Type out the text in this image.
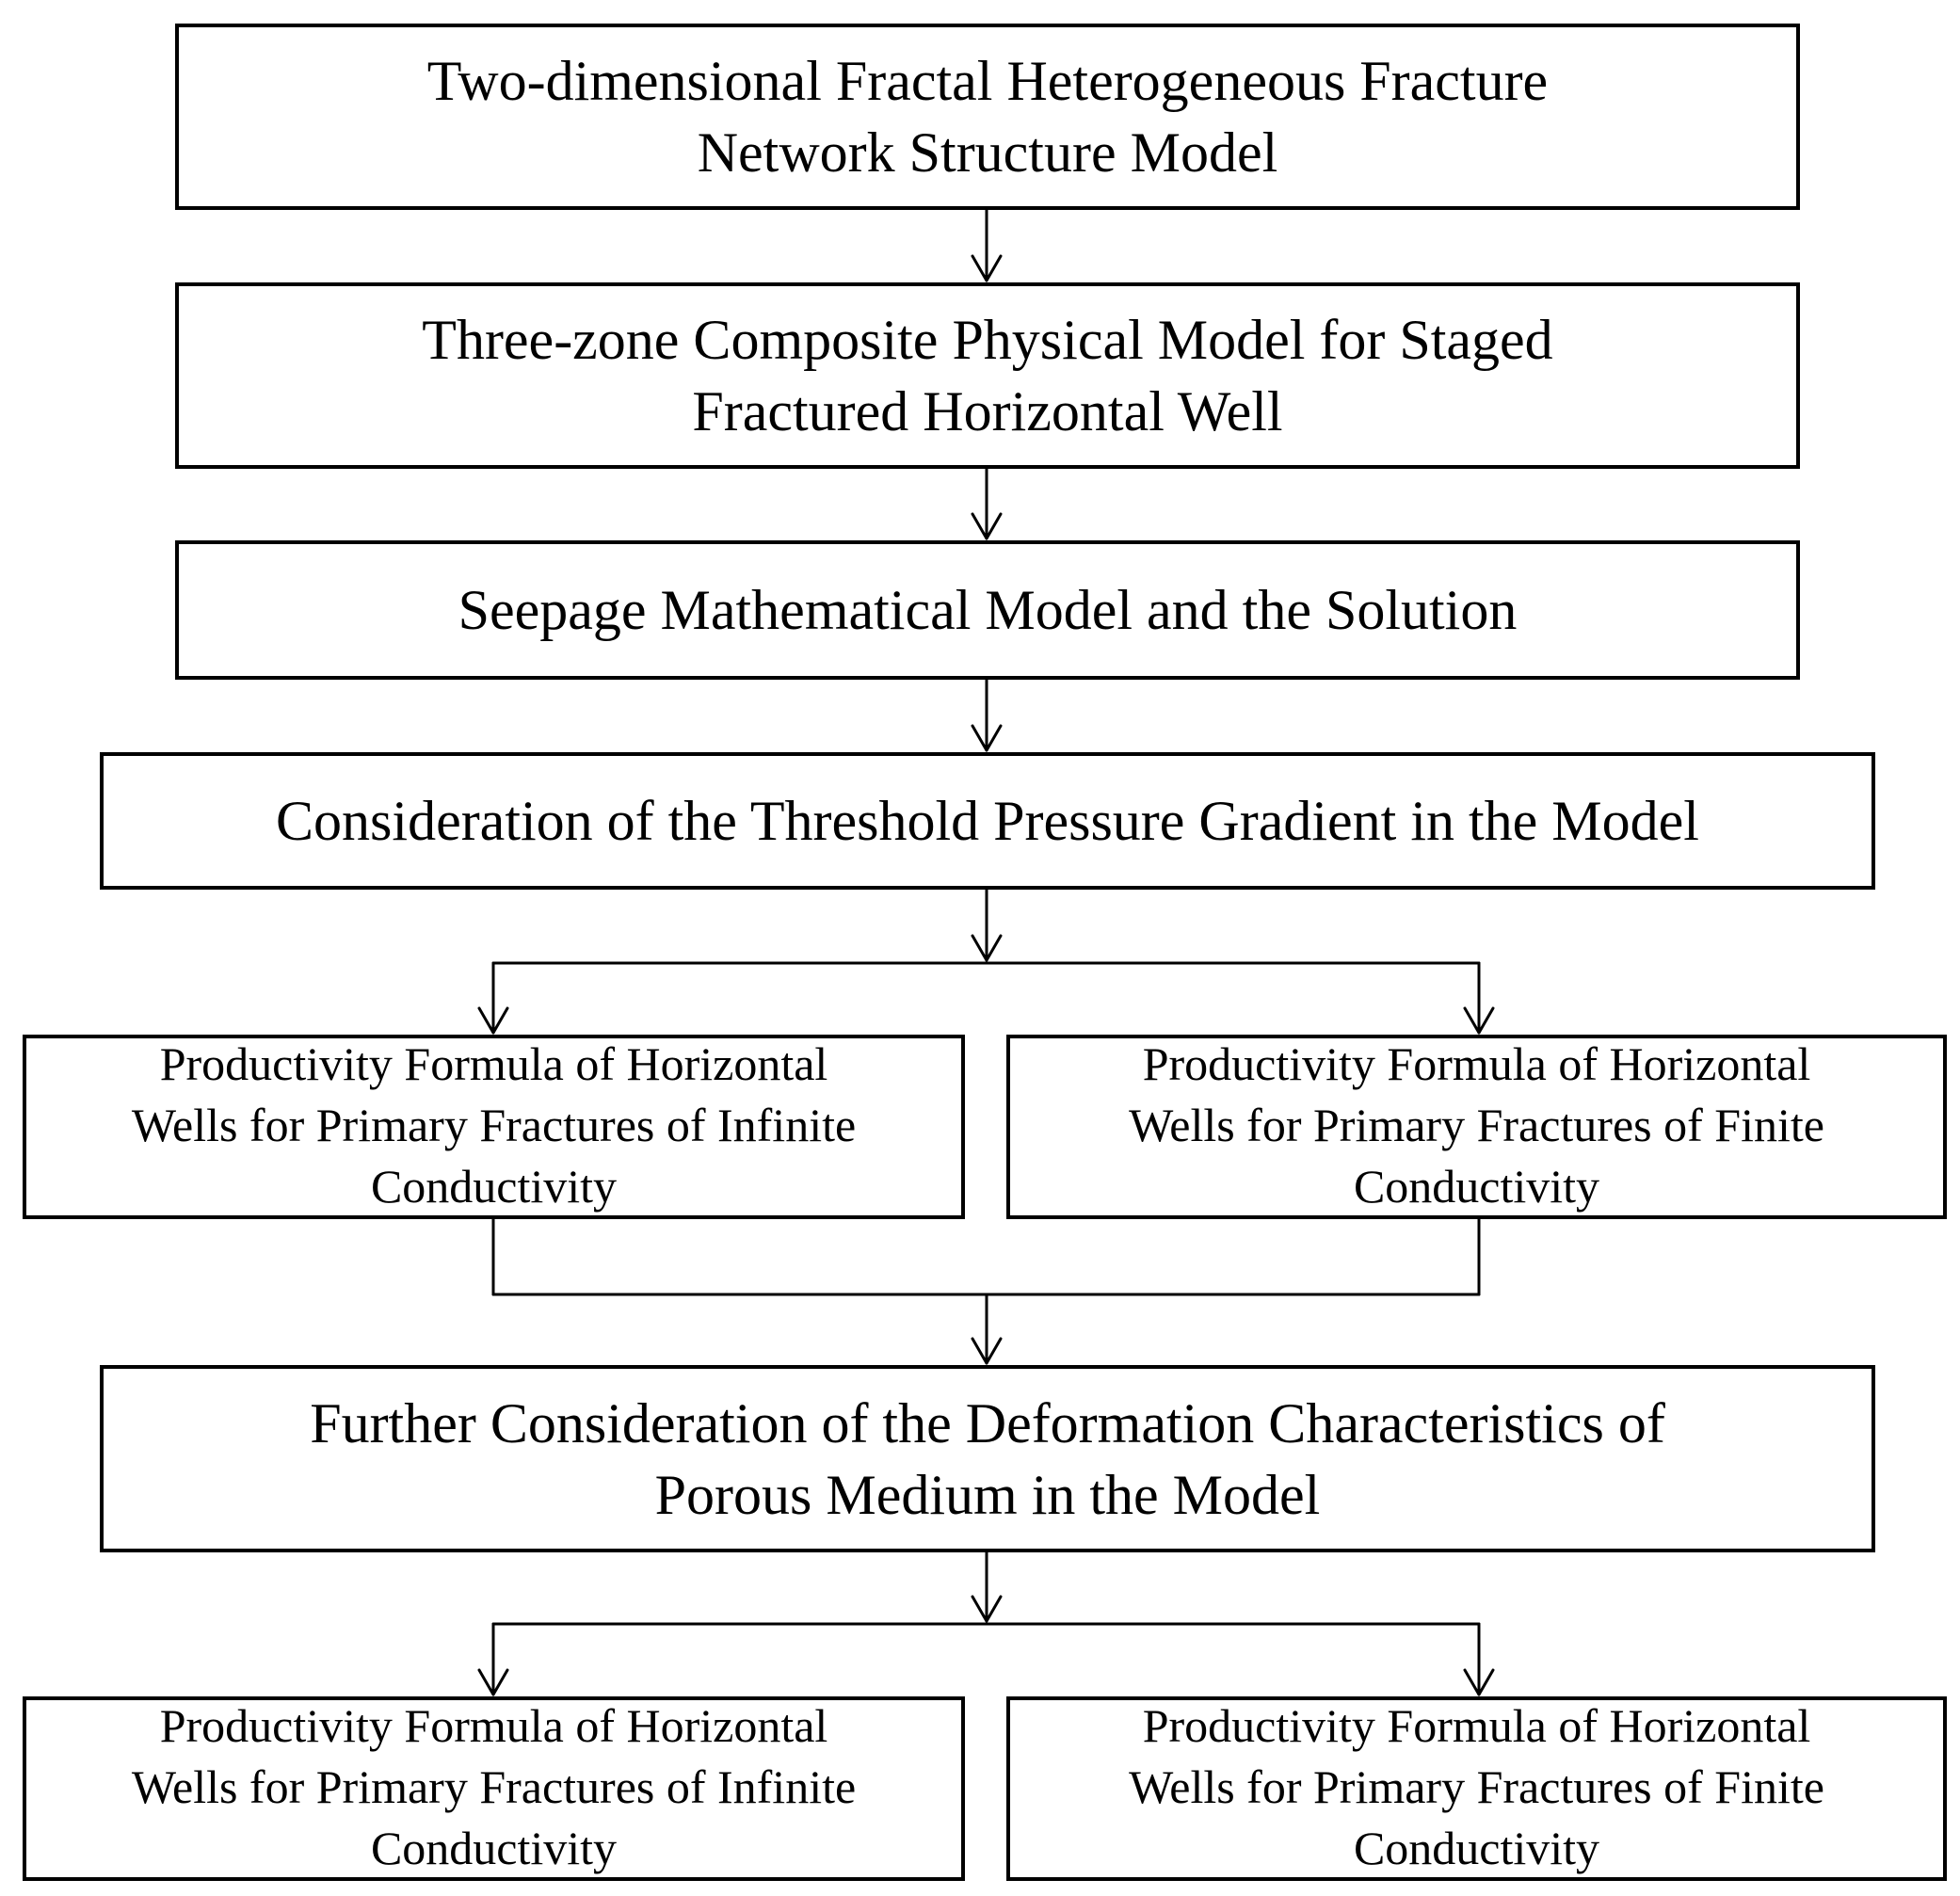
Two-dimensional Fractal Heterogeneous Fracture
Network Structure Model
Three-zone Composite Physical Model for Staged
Fractured Horizontal Well
Seepage Mathematical Model and the Solution
Consideration of the Threshold Pressure Gradient in the Model
Productivity Formula of Horizontal
Wells for Primary Fractures of Infinite
Conductivity
Productivity Formula of Horizontal
Wells for Primary Fractures of Finite
Conductivity
Further Consideration of the Deformation Characteristics of
Porous Medium in the Model
Productivity Formula of Horizontal
Wells for Primary Fractures of Infinite
Conductivity
Productivity Formula of Horizontal
Wells for Primary Fractures of Finite
Conductivity
